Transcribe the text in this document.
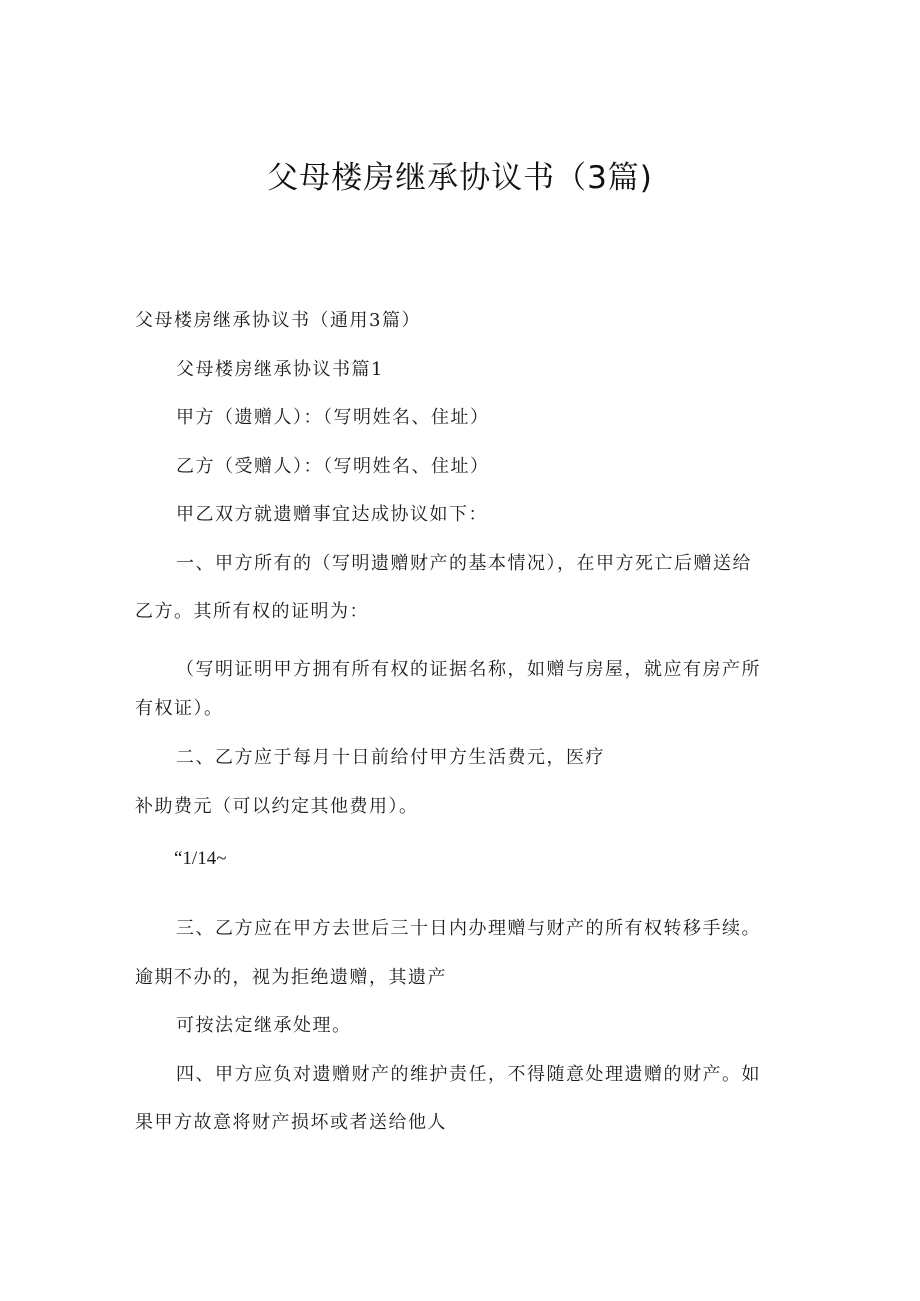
父母楼房继承协议书（3篇)
父母楼房继承协议书（通用3篇）
父母楼房继承协议书篇1
甲方（遗赠人）：（写明姓名、住址）
乙方（受赠人）：（写明姓名、住址）
甲乙双方就遗赠事宜达成协议如下：
一、甲方所有的（写明遗赠财产的基本情况），在甲方死亡后赠送给
乙方。其所有权的证明为：
（写明证明甲方拥有所有权的证据名称，如赠与房屋，就应有房产所
有权证）。
二、乙方应于每月十日前给付甲方生活费元，医疗
补助费元（可以约定其他费用）。
“1/14~
三、乙方应在甲方去世后三十日内办理赠与财产的所有权转移手续。
逾期不办的，视为拒绝遗赠，其遗产
可按法定继承处理。
四、甲方应负对遗赠财产的维护责任，不得随意处理遗赠的财产。如
果甲方故意将财产损坏或者送给他人
